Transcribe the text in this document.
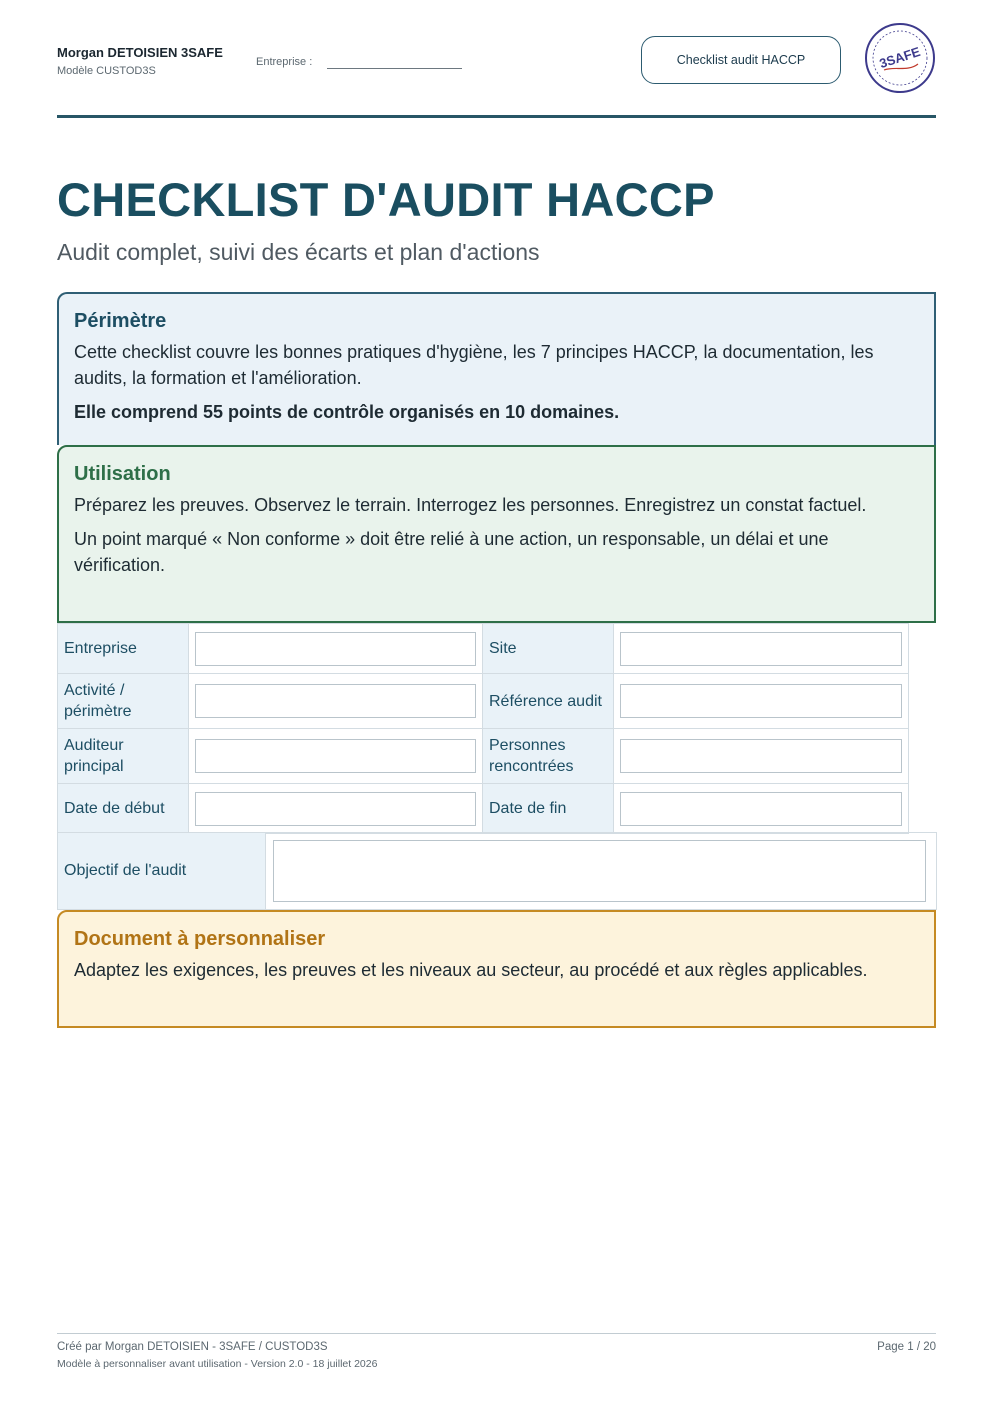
Morgan DETOISIEN 3SAFE
Modèle CUSTOD3S
Entreprise :	Checklist audit HACCP	3SAFE
CHECKLIST D'AUDIT HACCP
Audit complet, suivi des écarts et plan d'actions
Périmètre
Cette checklist couvre les bonnes pratiques d'hygiène, les 7 principes HACCP, la documentation, les audits, la formation et l'amélioration.
Elle comprend 55 points de contrôle organisés en 10 domaines.
Utilisation
Préparez les preuves. Observez le terrain. Interrogez les personnes. Enregistrez un constat factuel.
Un point marqué « Non conforme » doit être relié à une action, un responsable, un délai et une vérification.
Entreprise		Site	

Activité / périmètre		Référence audit	

Auditeur principal		Personnes rencontrées	

Date de début		Date de fin	
Objectif de l'audit	
Document à personnaliser
Adaptez les exigences, les preuves et les niveaux au secteur, au procédé et aux règles applicables.
Créé par Morgan DETOISIEN - 3SAFE / CUSTOD3S
Modèle à personnaliser avant utilisation - Version 2.0 - 18 juillet 2026
Page 1 / 20
